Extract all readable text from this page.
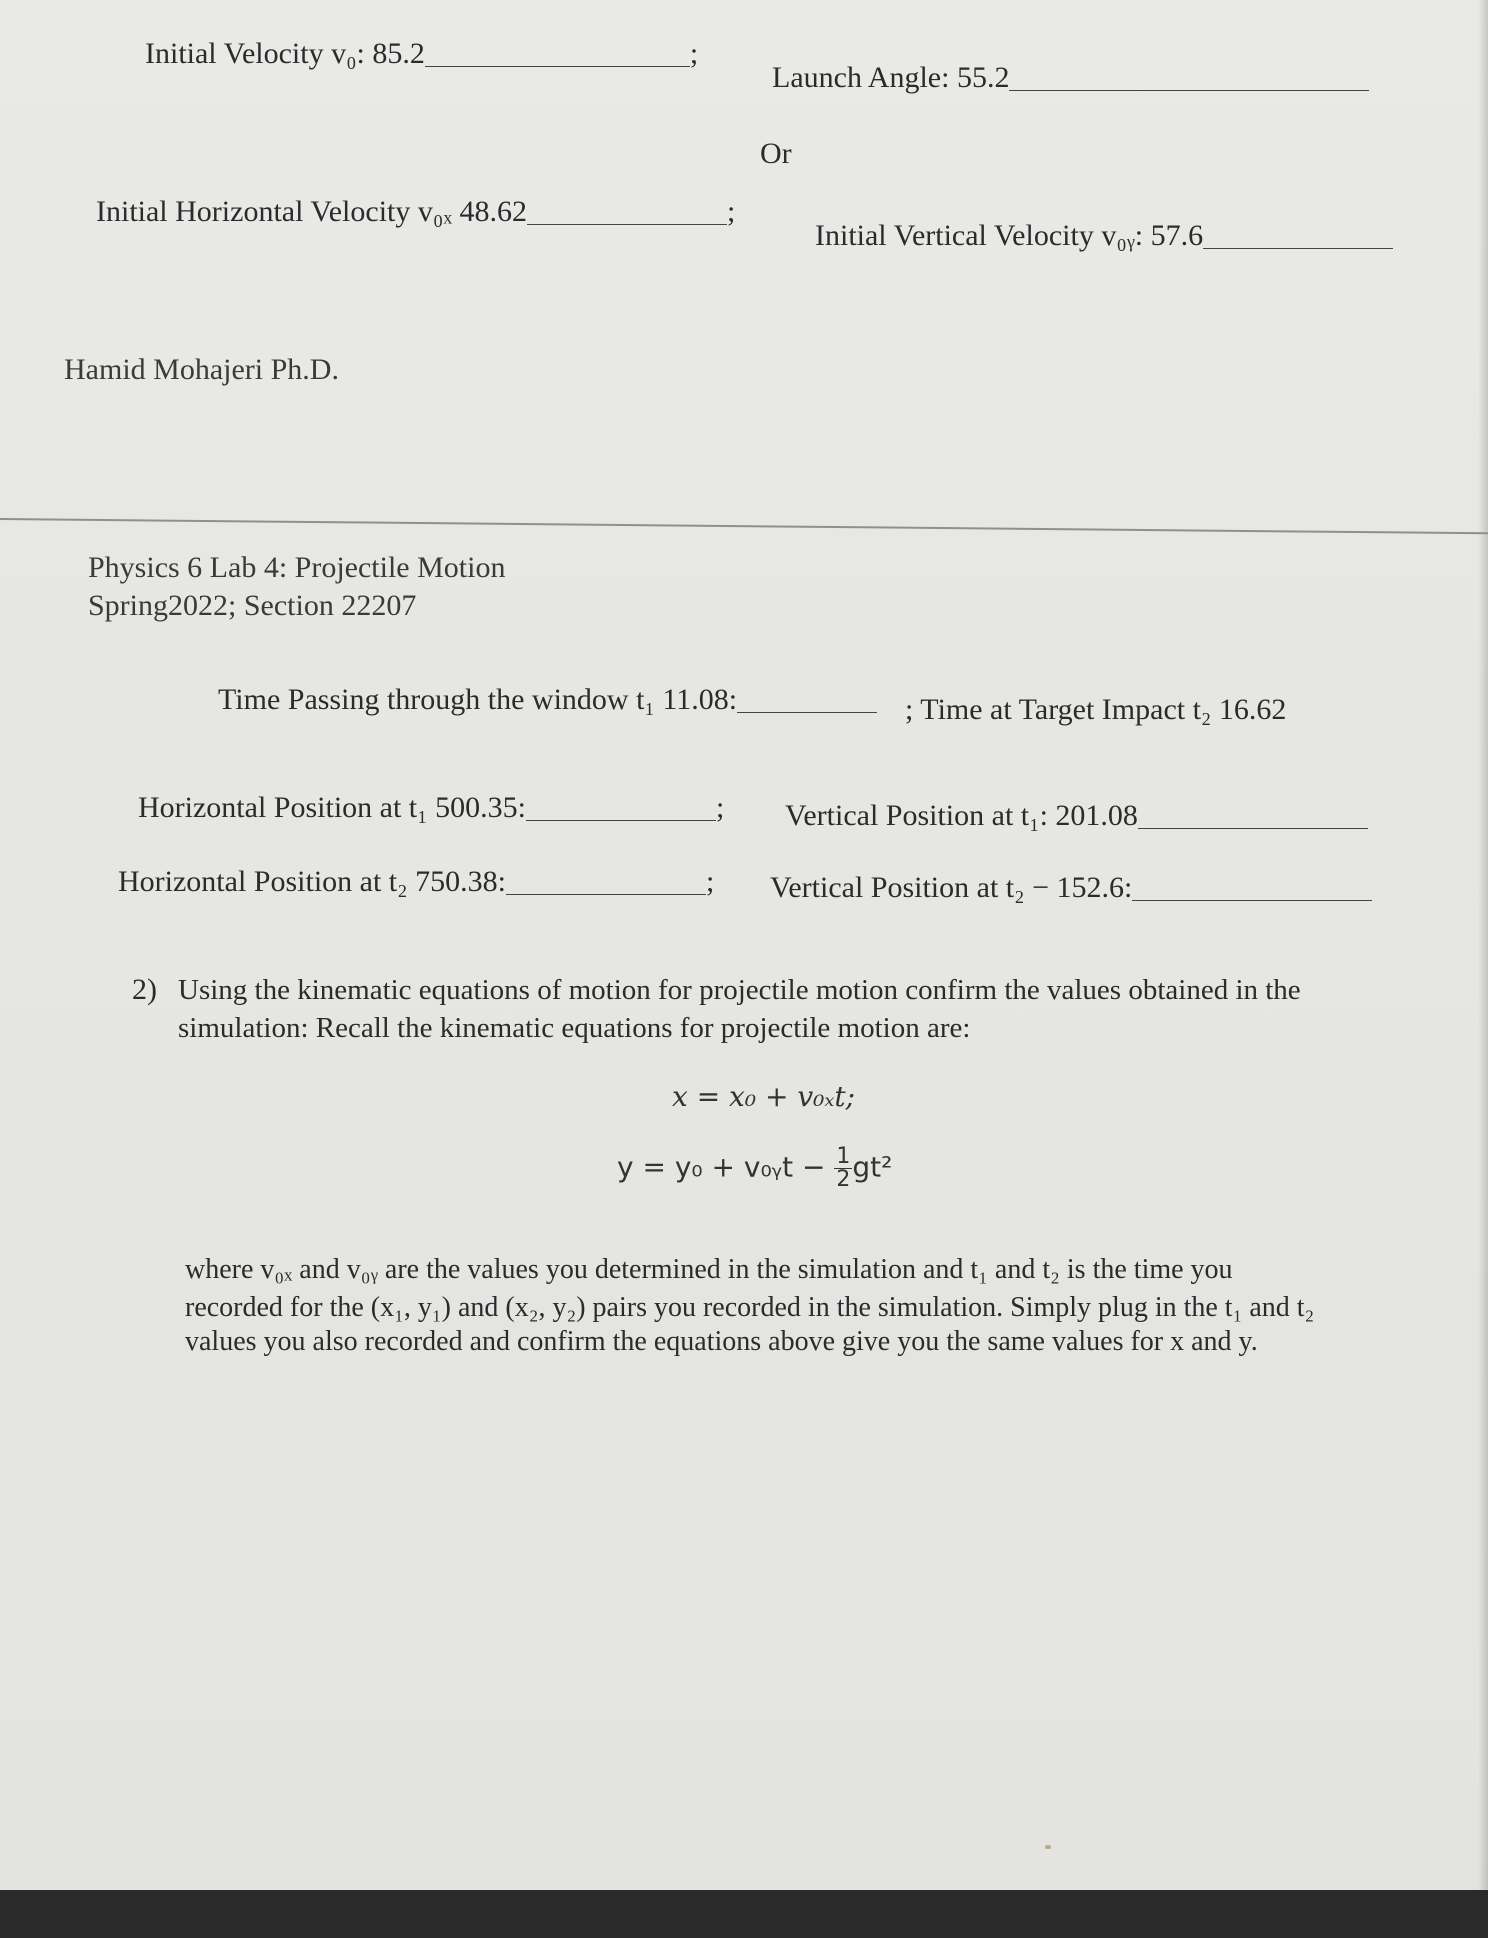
Initial Velocity v₀: 85.2	;
Launch Angle: 55.2
Or
Initial Horizontal Velocity v₀ₓ 48.62	;
Initial Vertical Velocity v₀ᵧ: 57.6
Hamid Mohajeri Ph.D.
Physics 6 Lab 4: Projectile Motion
Spring2022; Section 22207
Time Passing through the window t₁ 11.08:	; Time at Target Impact t₂ 16.62
Horizontal Position at t₁ 500.35:	; Vertical Position at t₁: 201.08
Horizontal Position at t₂ 750.38:	; Vertical Position at t₂ − 152.6:
2) Using the kinematic equations of motion for projectile motion confirm the values obtained in the
simulation: Recall the kinematic equations for projectile motion are:
x = x₀ + v₀ₓt;
y = y₀ + v₀ᵧt − $\frac{1}{2} gt^2$
where v₀ₓ and v₀ᵧ are the values you determined in the simulation and t₁ and t₂ is the time you
recorded for the (x₁, y₁) and (x₂, y₂) pairs you recorded in the simulation. Simply plug in the t₁ and t₂
values you also recorded and confirm the equations above give you the same values for x and y.
